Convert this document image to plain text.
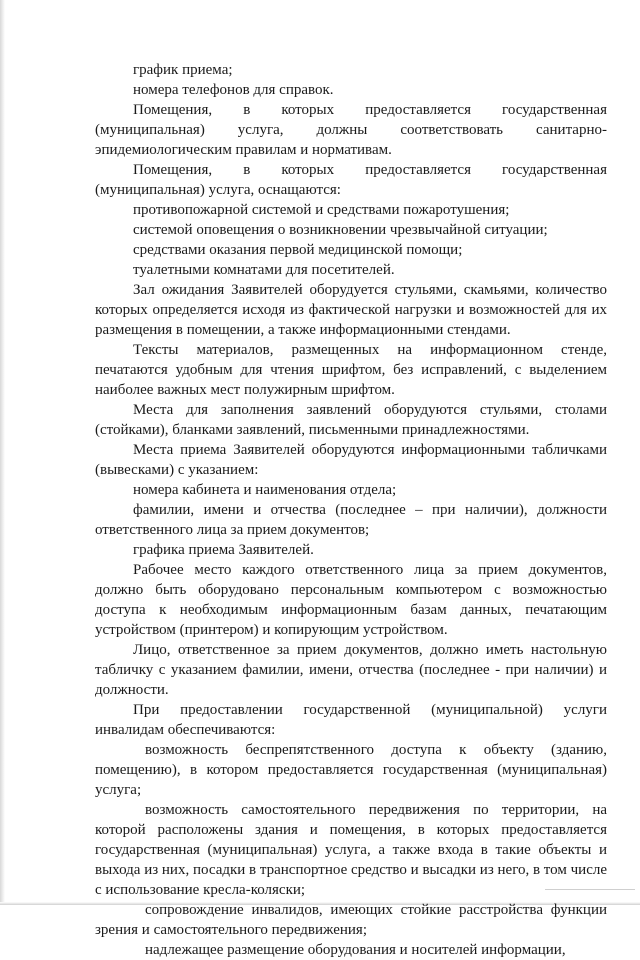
график приема;

номера телефонов для справок.

Помещения, в которых предоставляется государственная (муниципальная) услуга, должны соответствовать санитарно-эпидемиологическим правилам и нормативам.

Помещения, в которых предоставляется государственная (муниципальная) услуга, оснащаются:

противопожарной системой и средствами пожаротушения;

системой оповещения о возникновении чрезвычайной ситуации;

средствами оказания первой медицинской помощи;

туалетными комнатами для посетителей.

Зал ожидания Заявителей оборудуется стульями, скамьями, количество которых определяется исходя из фактической нагрузки и возможностей для их размещения в помещении, а также информационными стендами.

Тексты материалов, размещенных на информационном стенде, печатаются удобным для чтения шрифтом, без исправлений, с выделением наиболее важных мест полужирным шрифтом.

Места для заполнения заявлений оборудуются стульями, столами (стойками), бланками заявлений, письменными принадлежностями.

Места приема Заявителей оборудуются информационными табличками (вывесками) с указанием:

номера кабинета и наименования отдела;

фамилии, имени и отчества (последнее – при наличии), должности ответственного лица за прием документов;

графика приема Заявителей.

Рабочее место каждого ответственного лица за прием документов, должно быть оборудовано персональным компьютером с возможностью доступа к необходимым информационным базам данных, печатающим устройством (принтером) и копирующим устройством.

Лицо, ответственное за прием документов, должно иметь настольную табличку с указанием фамилии, имени, отчества (последнее - при наличии) и должности.

При предоставлении государственной (муниципальной) услуги инвалидам обеспечиваются:

возможность беспрепятственного доступа к объекту (зданию, помещению), в котором предоставляется государственная (муниципальная) услуга;

возможность самостоятельного передвижения по территории, на которой расположены здания и помещения, в которых предоставляется государственная (муниципальная) услуга, а также входа в такие объекты и выхода из них, посадки в транспортное средство и высадки из него, в том числе с использование кресла-коляски;

сопровождение инвалидов, имеющих стойкие расстройства функции зрения и самостоятельного передвижения;

надлежащее размещение оборудования и носителей информации,
